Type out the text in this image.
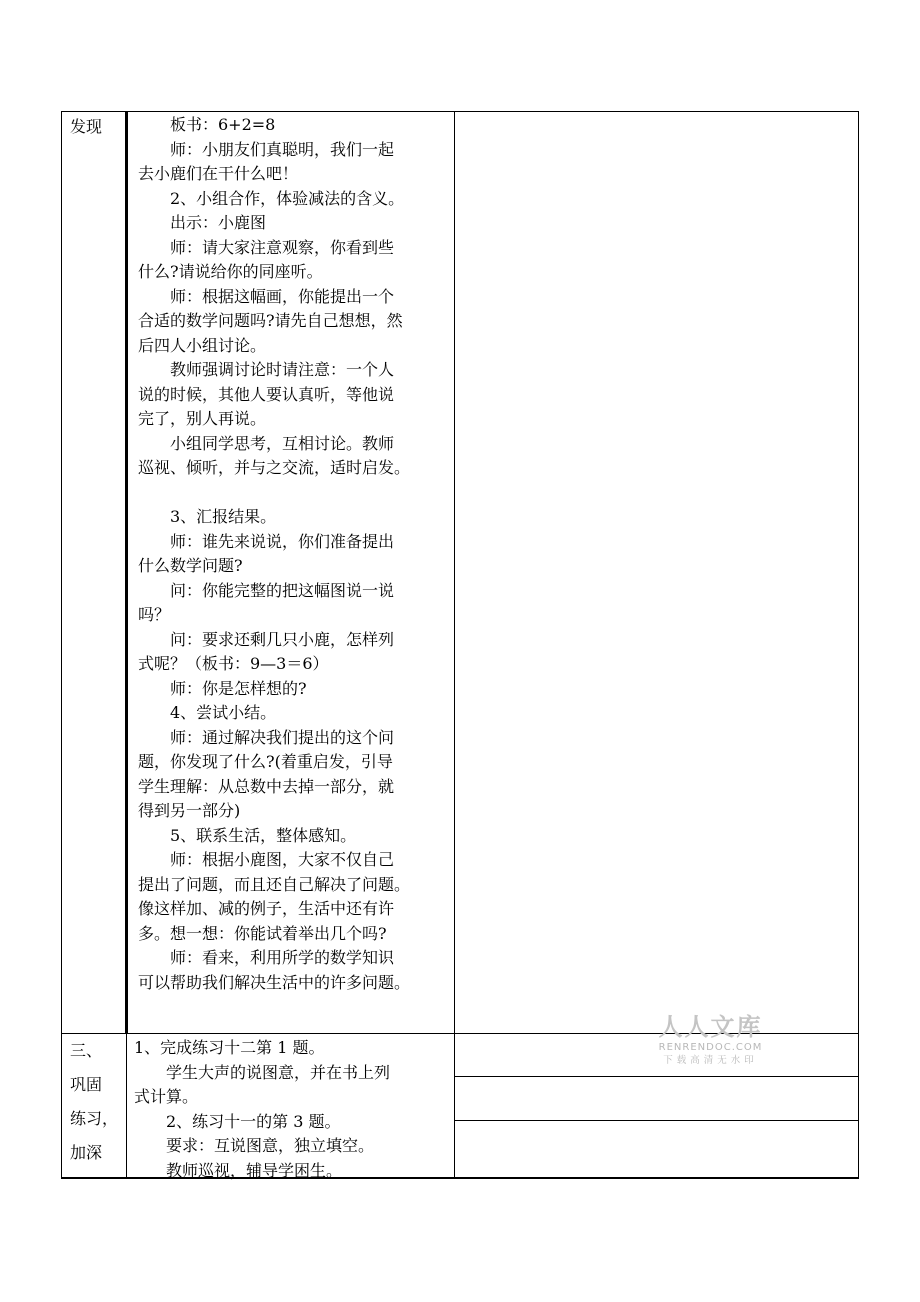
发现	板书：6+2=8
师：小朋友们真聪明，我们一起
去小鹿们在干什么吧！
2、小组合作，体验减法的含义。
出示：小鹿图
师：请大家注意观察，你看到些
什么?请说给你的同座听。
师：根据这幅画，你能提出一个
合适的数学问题吗?请先自己想想，然
后四人小组讨论。
教师强调讨论时请注意：一个人
说的时候，其他人要认真听，等他说
完了，别人再说。
小组同学思考，互相讨论。教师
巡视、倾听，并与之交流，适时启发。
3、汇报结果。
师：谁先来说说，你们准备提出
什么数学问题?
问：你能完整的把这幅图说一说
吗？
问：要求还剩几只小鹿，怎样列
式呢？（板书：9—3＝6）
师：你是怎样想的?
4、尝试小结。
师：通过解决我们提出的这个问
题，你发现了什么?(着重启发，引导
学生理解：从总数中去掉一部分，就
得到另一部分)
5、联系生活，整体感知。
师：根据小鹿图，大家不仅自己
提出了问题，而且还自己解决了问题。
像这样加、减的例子，生活中还有许
多。想一想：你能试着举出几个吗?
师：看来，利用所学的数学知识
可以帮助我们解决生活中的许多问题。
三、
巩固
练习，
加深
1、完成练习十二第 1 题。
学生大声的说图意，并在书上列
式计算。
2、练习十一的第 3 题。
要求：互说图意，独立填空。
教师巡视，辅导学困生。
人人文库
RENRENDOC.COM
下载高清无水印
